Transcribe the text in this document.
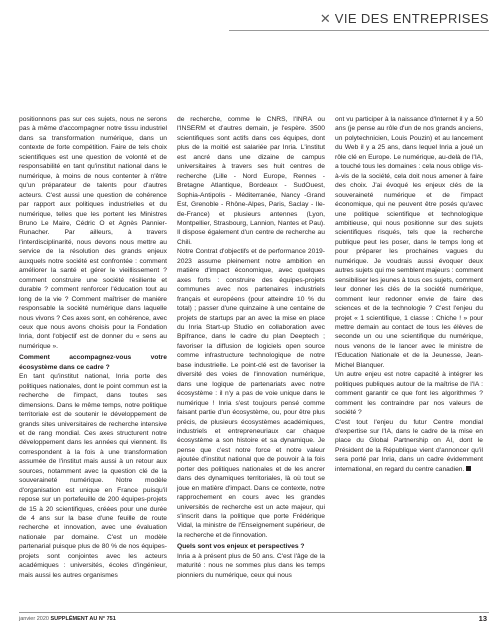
✕ VIE DES ENTREPRISES

positionnons pas sur ces sujets, nous ne serons pas à même d'accompagner notre tissu industriel dans sa transformation numérique, dans un contexte de forte compétition. Faire de tels choix scientifiques est une question de volonté et de responsabilité en tant qu'institut national dans le numérique, à moins de nous contenter à n'être qu'un préparateur de talents pour d'autres acteurs. C'est aussi une question de cohérence par rapport aux politiques industrielles et du numérique, telles que les portent les Ministres Bruno Le Maire, Cédric O et Agnès Pannier-Runacher. Par ailleurs, à travers l'interdisciplinarité, nous devons nous mettre au service de la résolution des grands enjeux auxquels notre société est confrontée : comment améliorer la santé et gérer le vieillissement ? comment construire une société résiliente et durable ? comment renforcer l'éducation tout au long de la vie ? Comment maîtriser de manière responsable la société numérique dans laquelle nous vivons ? Ces axes sont, en cohérence, avec ceux que nous avons choisis pour la Fondation Inria, dont l'objectif est de donner du « sens au numérique ».

Comment accompagnez-vous votre écosystème dans ce cadre ?

En tant qu'institut national, Inria porte des politiques nationales, dont le point commun est la recherche de l'impact, dans toutes ses dimensions. Dans le même temps, notre politique territoriale est de soutenir le développement de grands sites universitaires de recherche intensive et de rang mondial. Ces axes structurent notre développement dans les années qui viennent. Ils correspondent à la fois à une transformation assumée de l'institut mais aussi à un retour aux sources, notamment avec la question clé de la souveraineté numérique. Notre modèle d'organisation est unique en France puisqu'il repose sur un portefeuille de 200 équipes-projets de 15 à 20 scientifiques, créées pour une durée de 4 ans sur la base d'une feuille de route recherche et innovation, avec une évaluation nationale par domaine. C'est un modèle partenarial puisque plus de 80 % de nos équipes-projets sont conjointes avec les acteurs académiques : universités, écoles d'ingénieur, mais aussi les autres organismes

de recherche, comme le CNRS, l'INRA ou l'INSERM et d'autres demain, je l'espère. 3500 scientifiques sont actifs dans ces équipes, dont plus de la moitié est salariée par Inria. L'institut est ancré dans une dizaine de campus universitaires à travers ses huit centres de recherche (Lille - Nord Europe, Rennes - Bretagne Atlantique, Bordeaux - SudOuest, Sophia-Antipolis - Méditerranée, Nancy -Grand Est, Grenoble - Rhône-Alpes, Paris, Saclay - Ile-de-France) et plusieurs antennes (Lyon, Montpellier, Strasbourg, Lannion, Nantes et Pau). Il dispose également d'un centre de recherche au Chili.

Notre Contrat d'objectifs et de performance 2019-2023 assume pleinement notre ambition en matière d'impact économique, avec quelques axes forts : construire des équipes-projets communes avec nos partenaires industriels français et européens (pour atteindre 10 % du total) ; passer d'une quinzaine à une centaine de projets de startups par an avec la mise en place du Inria Start-up Studio en collaboration avec Bpifrance, dans le cadre du plan Deeptech ; favoriser la diffusion de logiciels open source comme infrastructure technologique de notre base industrielle. Le point-clé est de favoriser la diversité des voies de l'innovation numérique, dans une logique de partenariats avec notre écosystème : il n'y a pas de voie unique dans le numérique ! Inria s'est toujours pensé comme faisant partie d'un écosystème, ou, pour être plus précis, de plusieurs écosystèmes académiques, industriels et entrepreneuriaux car chaque écosystème a son histoire et sa dynamique. Je pense que c'est notre force et notre valeur ajoutée d'institut national que de pouvoir à la fois porter des politiques nationales et de les ancrer dans des dynamiques territoriales, là où tout se joue en matière d'impact. Dans ce contexte, notre rapprochement en cours avec les grandes universités de recherche est un acte majeur, qui s'inscrit dans la politique que porte Frédérique Vidal, la ministre de l'Enseignement supérieur, de la recherche et de l'innovation.

Quels sont vos enjeux et perspectives ?

Inria a à présent plus de 50 ans. C'est l'âge de la maturité : nous ne sommes plus dans les temps pionniers du numérique, ceux qui nous

ont vu participer à la naissance d'Internet il y a 50 ans (je pense au rôle d'un de nos grands anciens, un polytechnicien, Louis Pouzin) et au lancement du Web il y a 25 ans, dans lequel Inria a joué un rôle clé en Europe. Le numérique, au-delà de l'IA, a touché tous les domaines : cela nous oblige vis-à-vis de la société, cela doit nous amener à faire des choix. J'ai évoqué les enjeux clés de la souveraineté numérique et de l'impact économique, qui ne peuvent être posés qu'avec une politique scientifique et technologique ambitieuse, qui nous positionne sur des sujets scientifiques risqués, tels que la recherche publique peut les poser, dans le temps long et pour préparer les prochaines vagues du numérique. Je voudrais aussi évoquer deux autres sujets qui me semblent majeurs : comment sensibiliser les jeunes à tous ces sujets, comment leur donner les clés de la société numérique, comment leur redonner envie de faire des sciences et de la technologie ? C'est l'enjeu du projet « 1 scientifique, 1 classe : Chiche ! » pour mettre demain au contact de tous les élèves de seconde un ou une scientifique du numérique, nous venons de le lancer avec le ministre de l'Education Nationale et de la Jeunesse, Jean-Michel Blanquer.

Un autre enjeu est notre capacité à intégrer les politiques publiques autour de la maîtrise de l'IA : comment garantir ce que font les algorithmes ? comment les contraindre par nos valeurs de société ?

C'est tout l'enjeu du futur Centre mondial d'expertise sur l'IA, dans le cadre de la mise en place du Global Partnership on AI, dont le Président de la République vient d'annoncer qu'il sera porté par Inria, dans un cadre évidemment international, en regard du centre canadien.

janvier 2020 SUPPLÉMENT AU N° 751	13
